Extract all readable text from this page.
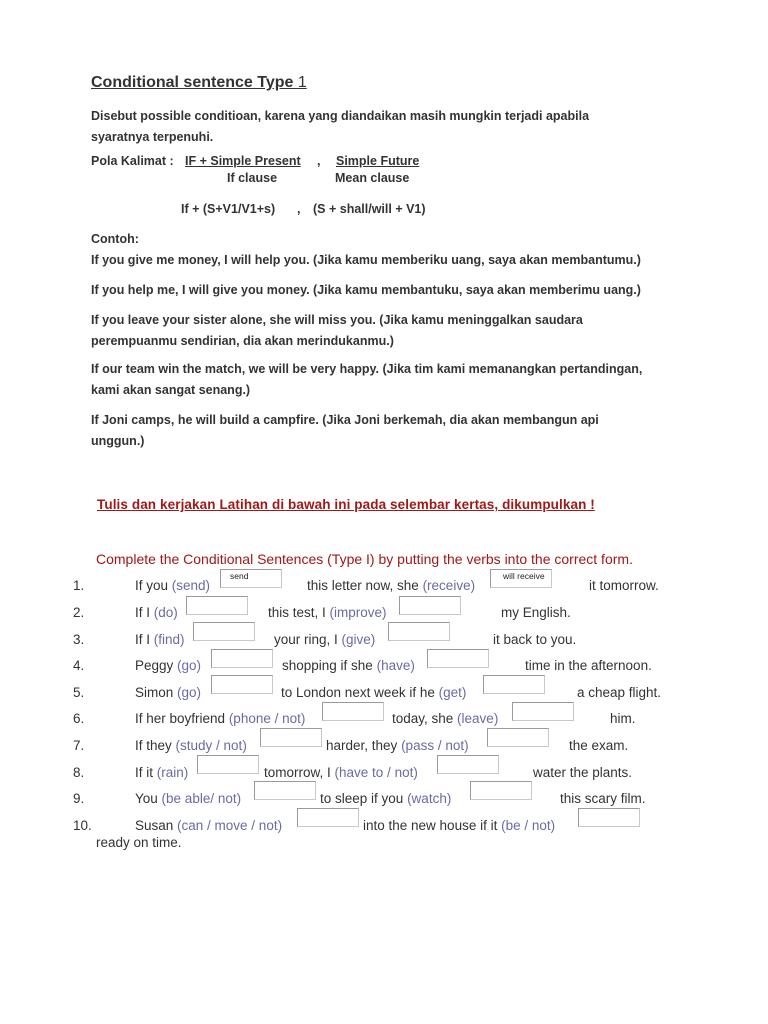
Conditional sentence Type 1
Disebut possible conditioan, karena yang diandaikan masih mungkin terjadi apabila
syaratnya terpenuhi.
Pola Kalimat : IF + Simple Present , Simple Future
If clause	Mean clause
If + (S+V1/V1+s) , (S + shall/will + V1)
Contoh:
If you give me money, I will help you. (Jika kamu memberiku uang, saya akan membantumu.)
If you help me, I will give you money. (Jika kamu membantuku, saya akan memberimu uang.)
If you leave your sister alone, she will miss you. (Jika kamu meninggalkan saudara
perempuanmu sendirian, dia akan merindukanmu.)
If our team win the match, we will be very happy. (Jika tim kami memanangkan pertandingan,
kami akan sangat senang.)
If Joni camps, he will build a campfire. (Jika Joni berkemah, dia akan membangun api
unggun.)
Tulis dan kerjakan Latihan di bawah ini pada selembar kertas, dikumpulkan !
Complete the Conditional Sentences (Type I) by putting the verbs into the correct form.
1.	If you (send)
send
this letter now, she (receive)
will receive
it tomorrow.
2.	If I (do)	this test, I (improve)	my English.
3.	If I (find)	your ring, I (give)	it back to you.
4.	Peggy (go)	shopping if she (have)	time in the afternoon.
5.	Simon (go)	to London next week if he (get)	a cheap flight.
6.	If her boyfriend (phone / not)	today, she (leave)	him.
7.	If they (study / not)	harder, they (pass / not)	the exam.
8.	If it (rain)	tomorrow, I (have to / not)	water the plants.
9.	You (be able/ not)	to sleep if you (watch)	this scary film.
10.	Susan (can / move / not)	into the new house if it (be / not)
ready on time.
